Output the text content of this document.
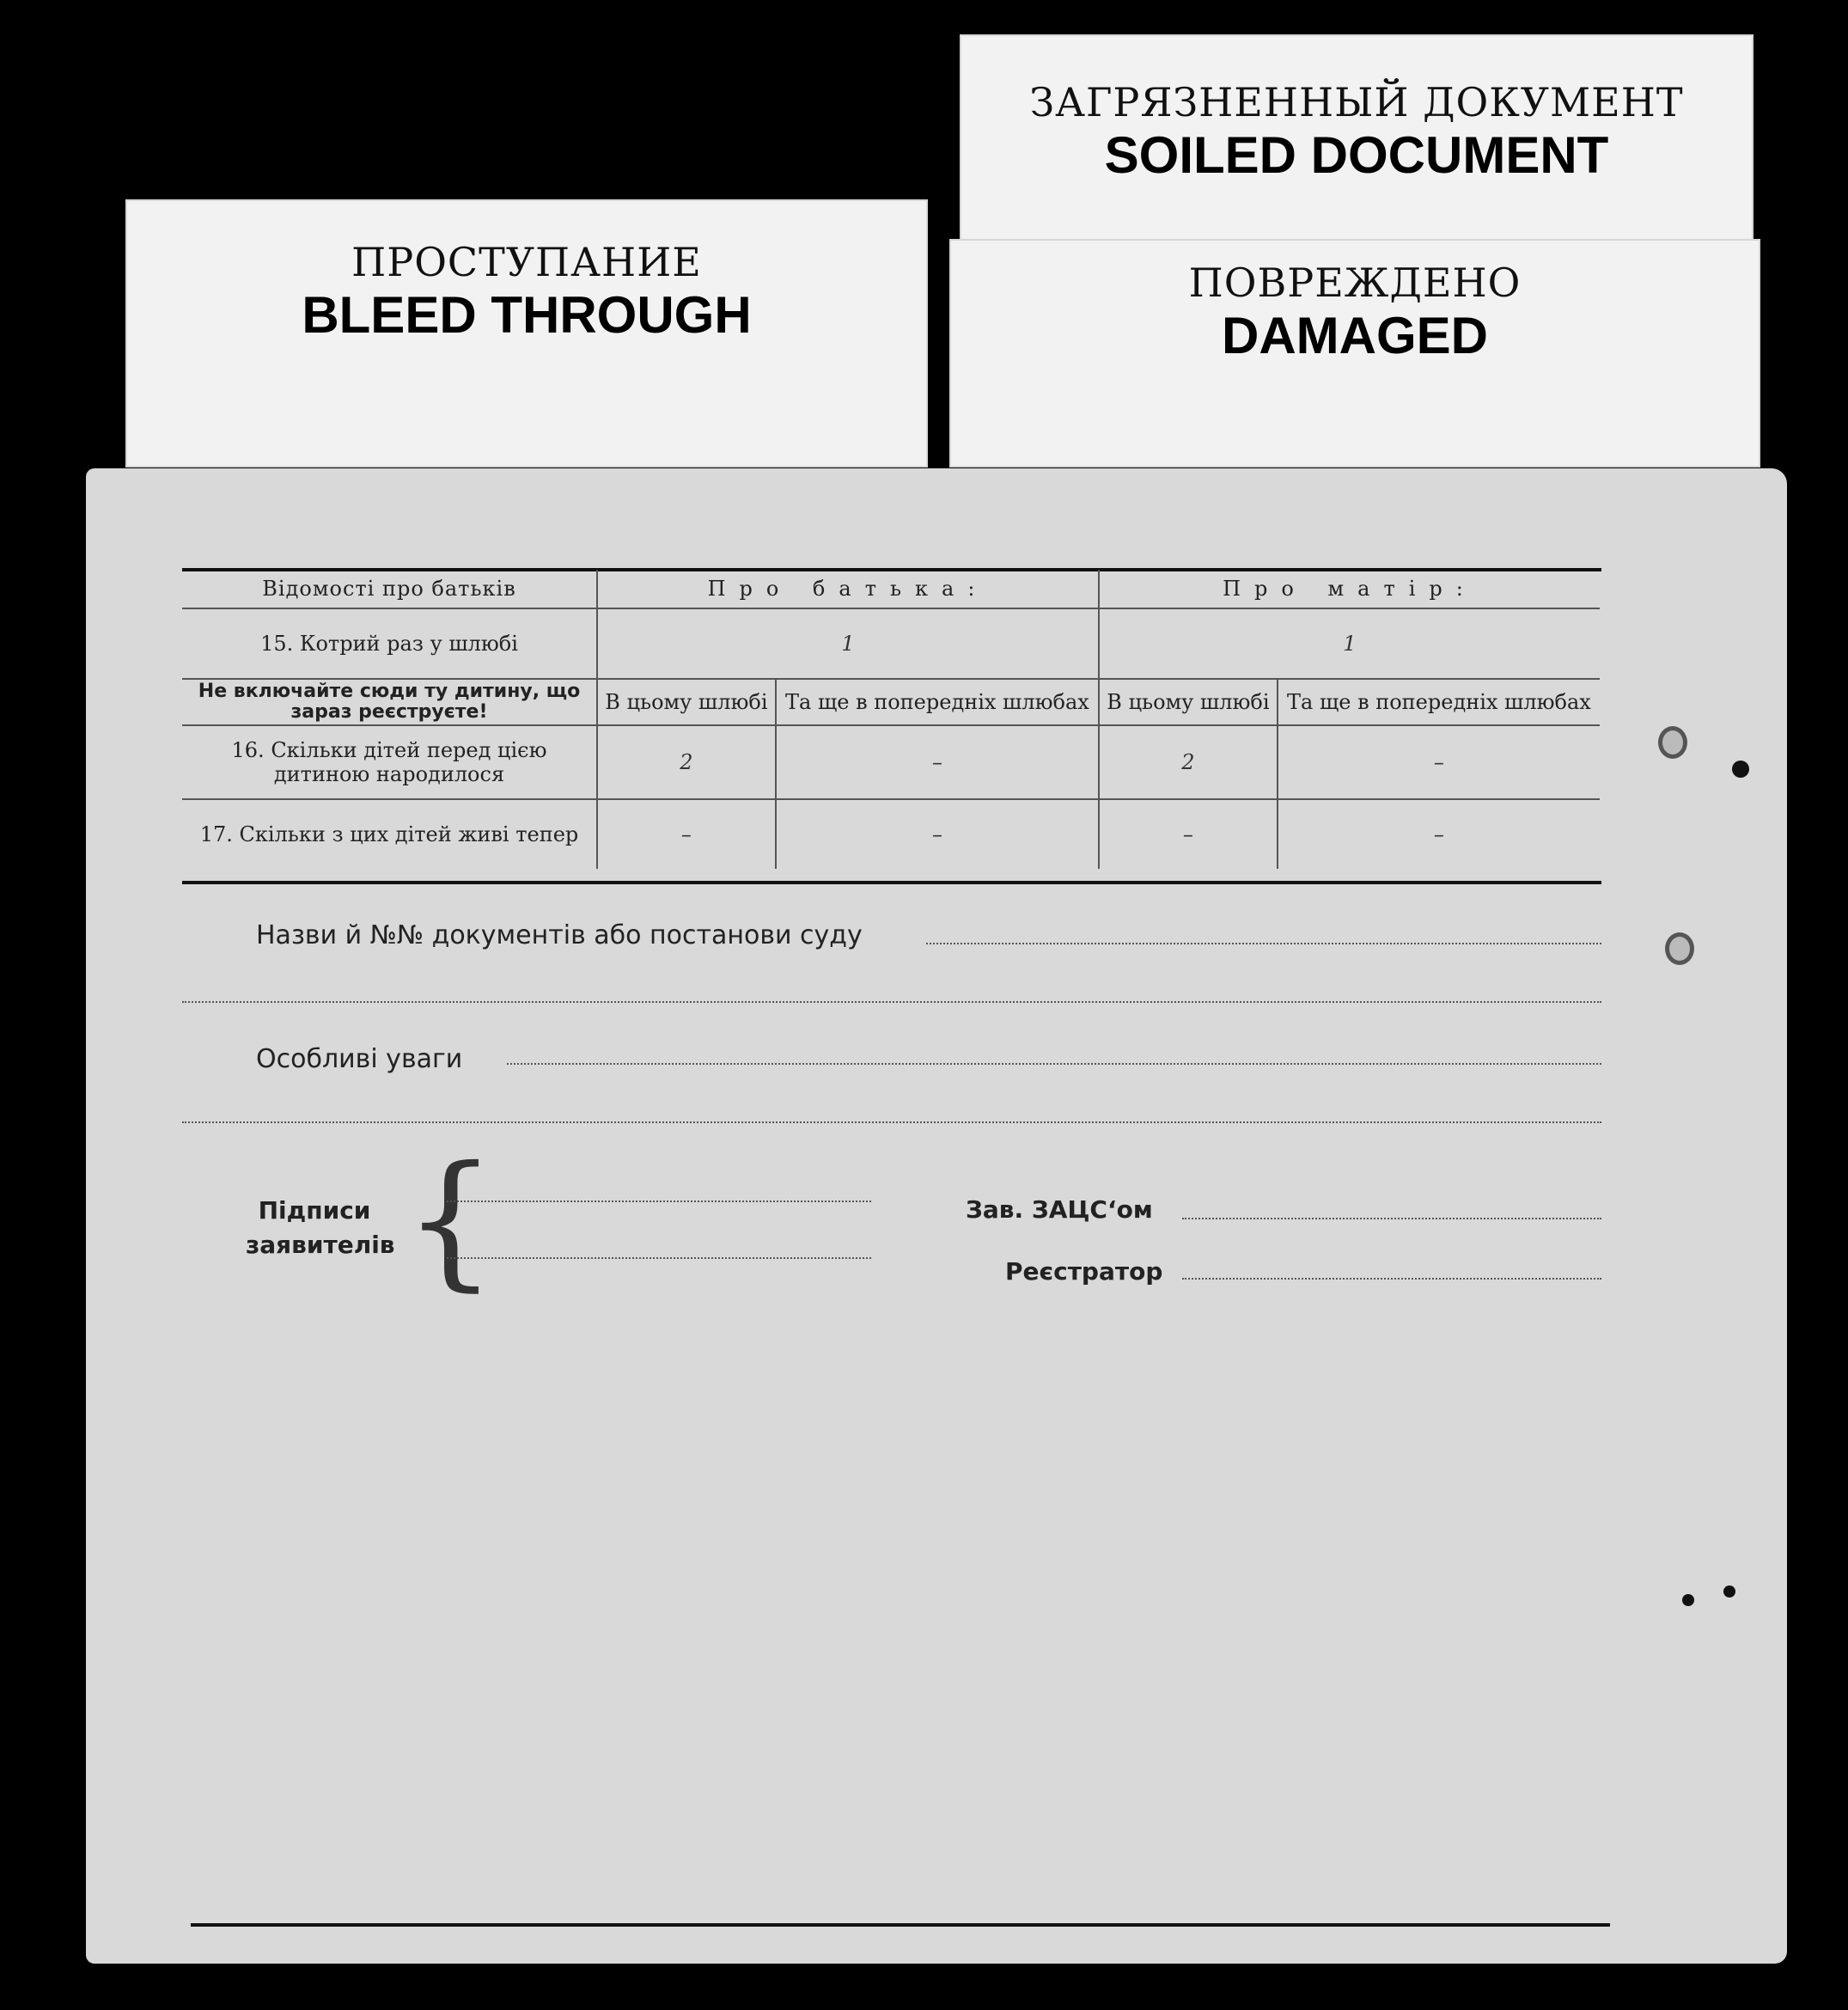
ПРОСТУПАНИЕ
BLEED THROUGH
ЗАГРЯЗНЕННЫЙ ДОКУМЕНТ
SOILED DOCUMENT
ПОВРЕЖДЕНО
DAMAGED
Відомості про батьків	Про батька:		Про матір:	
15. Котрий раз у шлюбі	1		1	
Не включайте сюди ту дитину, що зараз реєструєте!	В цьому шлюбі	Та ще в попередніх шлюбах	В цьому шлюбі	Та ще в попередніх шлюбах
16. Скільки дітей перед цією дитиною народилося	2	–	2	–
17. Скільки з цих дітей живі тепер	–	–	–	–
Назви й №№ документів або постанови суду
Особливі уваги
Підписи заявителів {	Зав. ЗАЦС‘ом
Реєстратор
